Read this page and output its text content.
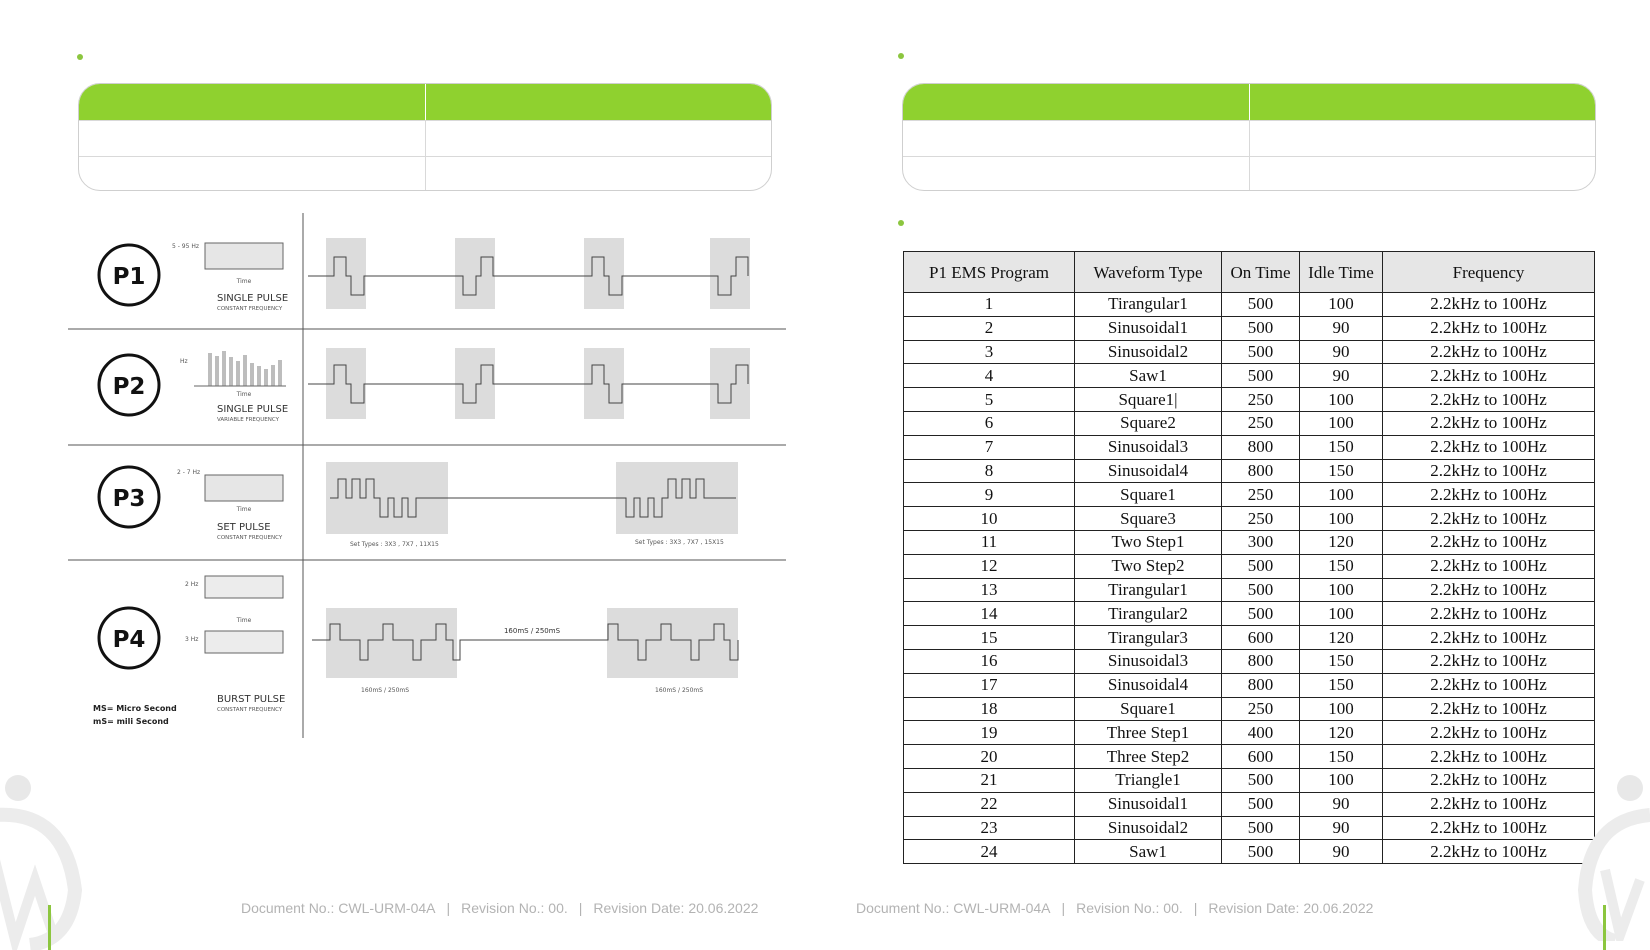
P1
5 - 95 Hz
Time
SINGLE PULSE
CONSTANT FREQUENCY
P2
Hz
Time
SINGLE PULSE
VARIABLE FREQUENCY
P3
2 - 7 Hz
Time
SET PULSE
CONSTANT FREQUENCY
Set Types : 3X3 , 7X7 , 11X15	Set Types : 3X3 , 7X7 , 15X15
P4
2 Hz
3 Hz
Time
BURST PULSE
CONSTANT FREQUENCY
160mS / 250mS
160mS / 250mS	160mS / 250mS
MS= Micro Second
mS= mili Second
P1 EMS Program	Waveform Type	On Time	Idle Time	Frequency
1	Tirangular1	500	100	2.2kHz to 100Hz
2	Sinusoidal1	500	90	2.2kHz to 100Hz
3	Sinusoidal2	500	90	2.2kHz to 100Hz
4	Saw1	500	90	2.2kHz to 100Hz
5	Square1|	250	100	2.2kHz to 100Hz
6	Square2	250	100	2.2kHz to 100Hz
7	Sinusoidal3	800	150	2.2kHz to 100Hz
8	Sinusoidal4	800	150	2.2kHz to 100Hz
9	Square1	250	100	2.2kHz to 100Hz
10	Square3	250	100	2.2kHz to 100Hz
11	Two Step1	300	120	2.2kHz to 100Hz
12	Two Step2	500	150	2.2kHz to 100Hz
13	Tirangular1	500	100	2.2kHz to 100Hz
14	Tirangular2	500	100	2.2kHz to 100Hz
15	Tirangular3	600	120	2.2kHz to 100Hz
16	Sinusoidal3	800	150	2.2kHz to 100Hz
17	Sinusoidal4	800	150	2.2kHz to 100Hz
18	Square1	250	100	2.2kHz to 100Hz
19	Three Step1	400	120	2.2kHz to 100Hz
20	Three Step2	600	150	2.2kHz to 100Hz
21	Triangle1	500	100	2.2kHz to 100Hz
22	Sinusoidal1	500	90	2.2kHz to 100Hz
23	Sinusoidal2	500	90	2.2kHz to 100Hz
24	Saw1	500	90	2.2kHz to 100Hz
Document No.: CWL-URM-04A | Revision No.: 00. | Revision Date: 20.06.2022	Document No.: CWL-URM-04A | Revision No.: 00. | Revision Date: 20.06.2022
